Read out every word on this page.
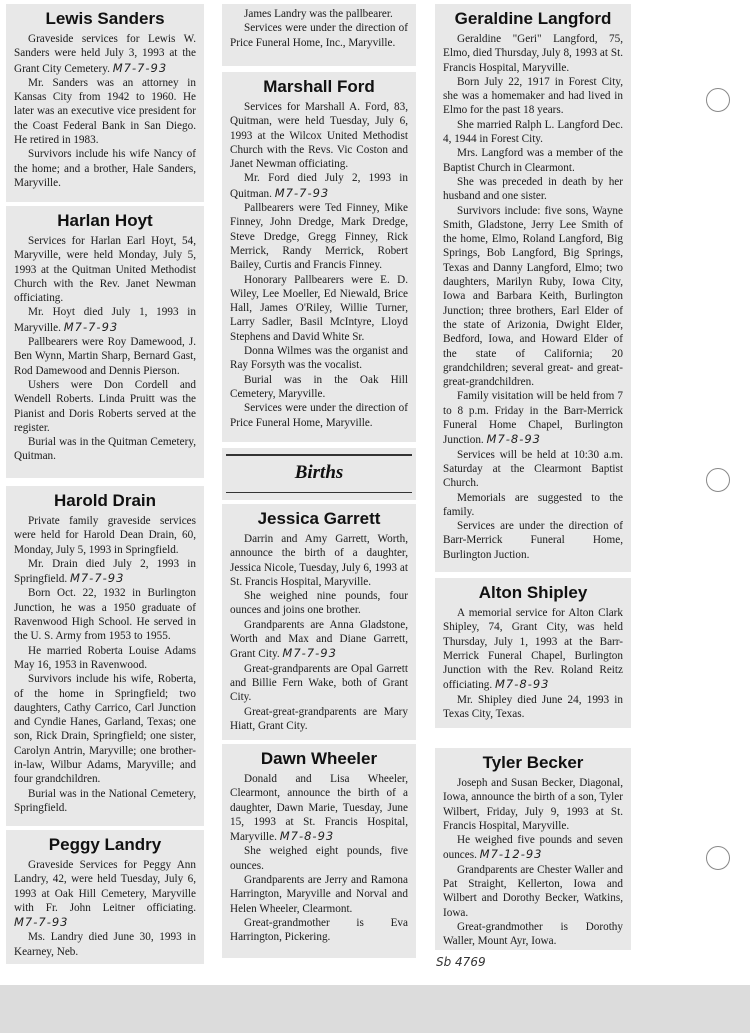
Lewis Sanders

Graveside services for Lewis W. Sanders were held July 3, 1993 at the Grant City Cemetery. M7-7-93

Mr. Sanders was an attorney in Kansas City from 1942 to 1960. He later was an executive vice president for the Coast Federal Bank in San Diego. He retired in 1983.

Survivors include his wife Nancy of the home; and a brother, Hale Sanders, Maryville.

Harlan Hoyt

Services for Harlan Earl Hoyt, 54, Maryville, were held Monday, July 5, 1993 at the Quitman United Methodist Church with the Rev. Janet Newman officiating.

Mr. Hoyt died July 1, 1993 in Maryville. M7-7-93

Pallbearers were Roy Damewood, J. Ben Wynn, Martin Sharp, Bernard Gast, Rod Damewood and Dennis Pierson.

Ushers were Don Cordell and Wendell Roberts. Linda Pruitt was the Pianist and Doris Roberts served at the register.

Burial was in the Quitman Cemetery, Quitman.

Harold Drain

Private family graveside services were held for Harold Dean Drain, 60, Monday, July 5, 1993 in Springfield.

Mr. Drain died July 2, 1993 in Springfield. M7-7-93

Born Oct. 22, 1932 in Burlington Junction, he was a 1950 graduate of Ravenwood High School. He served in the U. S. Army from 1953 to 1955.

He married Roberta Louise Adams May 16, 1953 in Ravenwood.

Survivors include his wife, Roberta, of the home in Springfield; two daughters, Cathy Carrico, Carl Junction and Cyndie Hanes, Garland, Texas; one son, Rick Drain, Springfield; one sister, Carolyn Antrin, Maryville; one brother-in-law, Wilbur Adams, Maryville; and four grandchildren.

Burial was in the National Cemetery, Springfield.

Peggy Landry

Graveside Services for Peggy Ann Landry, 42, were held Tuesday, July 6, 1993 at Oak Hill Cemetery, Maryville with Fr. John Leitner officiating. M7-7-93

Ms. Landry died June 30, 1993 in Kearney, Neb.

James Landry was the pallbearer.

Services were under the direction of Price Funeral Home, Inc., Maryville.

Marshall Ford

Services for Marshall A. Ford, 83, Quitman, were held Tuesday, July 6, 1993 at the Wilcox United Methodist Church with the Revs. Vic Coston and Janet Newman officiating.

Mr. Ford died July 2, 1993 in Quitman. M7-7-93

Pallbearers were Ted Finney, Mike Finney, John Dredge, Mark Dredge, Steve Dredge, Gregg Finney, Rick Merrick, Randy Merrick, Robert Bailey, Curtis and Francis Finney.

Honorary Pallbearers were E. D. Wiley, Lee Moeller, Ed Niewald, Brice Hall, James O'Riley, Willie Turner, Larry Sadler, Basil McIntyre, Lloyd Stephens and David White Sr.

Donna Wilmes was the organist and Ray Forsyth was the vocalist.

Burial was in the Oak Hill Cemetery, Maryville.

Services were under the direction of Price Funeral Home, Maryville.

Births
Jessica Garrett

Darrin and Amy Garrett, Worth, announce the birth of a daughter, Jessica Nicole, Tuesday, July 6, 1993 at St. Francis Hospital, Maryville.

She weighed nine pounds, four ounces and joins one brother.

Grandparents are Anna Gladstone, Worth and Max and Diane Garrett, Grant City. M7-7-93

Great-grandparents are Opal Garrett and Billie Fern Wake, both of Grant City.

Great-great-grandparents are Mary Hiatt, Grant City.

Dawn Wheeler

Donald and Lisa Wheeler, Clearmont, announce the birth of a daughter, Dawn Marie, Tuesday, June 15, 1993 at St. Francis Hospital, Maryville. M7-8-93

She weighed eight pounds, five ounces.

Grandparents are Jerry and Ramona Harrington, Maryville and Norval and Helen Wheeler, Clearmont.

Great-grandmother is Eva Harrington, Pickering.

Geraldine Langford

Geraldine "Geri" Langford, 75, Elmo, died Thursday, July 8, 1993 at St. Francis Hospital, Maryville.

Born July 22, 1917 in Forest City, she was a homemaker and had lived in Elmo for the past 18 years.

She married Ralph L. Langford Dec. 4, 1944 in Forest City.

Mrs. Langford was a member of the Baptist Church in Clearmont.

She was preceded in death by her husband and one sister.

Survivors include: five sons, Wayne Smith, Gladstone, Jerry Lee Smith of the home, Elmo, Roland Langford, Big Springs, Bob Langford, Big Springs, Texas and Danny Langford, Elmo; two daughters, Marilyn Ruby, Iowa City, Iowa and Barbara Keith, Burlington Junction; three brothers, Earl Elder of the state of Arizonia, Dwight Elder, Bedford, Iowa, and Howard Elder of the state of California; 20 grandchildren; several great- and great-great-grandchildren.

Family visitation will be held from 7 to 8 p.m. Friday in the Barr-Merrick Funeral Home Chapel, Burlington Junction. M7-8-93

Services will be held at 10:30 a.m. Saturday at the Clearmont Baptist Church.

Memorials are suggested to the family.

Services are under the direction of Barr-Merrick Funeral Home, Burlington Juction.

Alton Shipley

A memorial service for Alton Clark Shipley, 74, Grant City, was held Thursday, July 1, 1993 at the Barr-Merrick Funeral Chapel, Burlington Junction with the Rev. Roland Reitz officiating. M7-8-93

Mr. Shipley died June 24, 1993 in Texas City, Texas.

Tyler Becker

Joseph and Susan Becker, Diagonal, Iowa, announce the birth of a son, Tyler Wilbert, Friday, July 9, 1993 at St. Francis Hospital, Maryville.

He weighed five pounds and seven ounces. M7-12-93

Grandparents are Chester Waller and Pat Straight, Kellerton, Iowa and Wilbert and Dorothy Becker, Watkins, Iowa.

Great-grandmother is Dorothy Waller, Mount Ayr, Iowa.

Sb 4769
